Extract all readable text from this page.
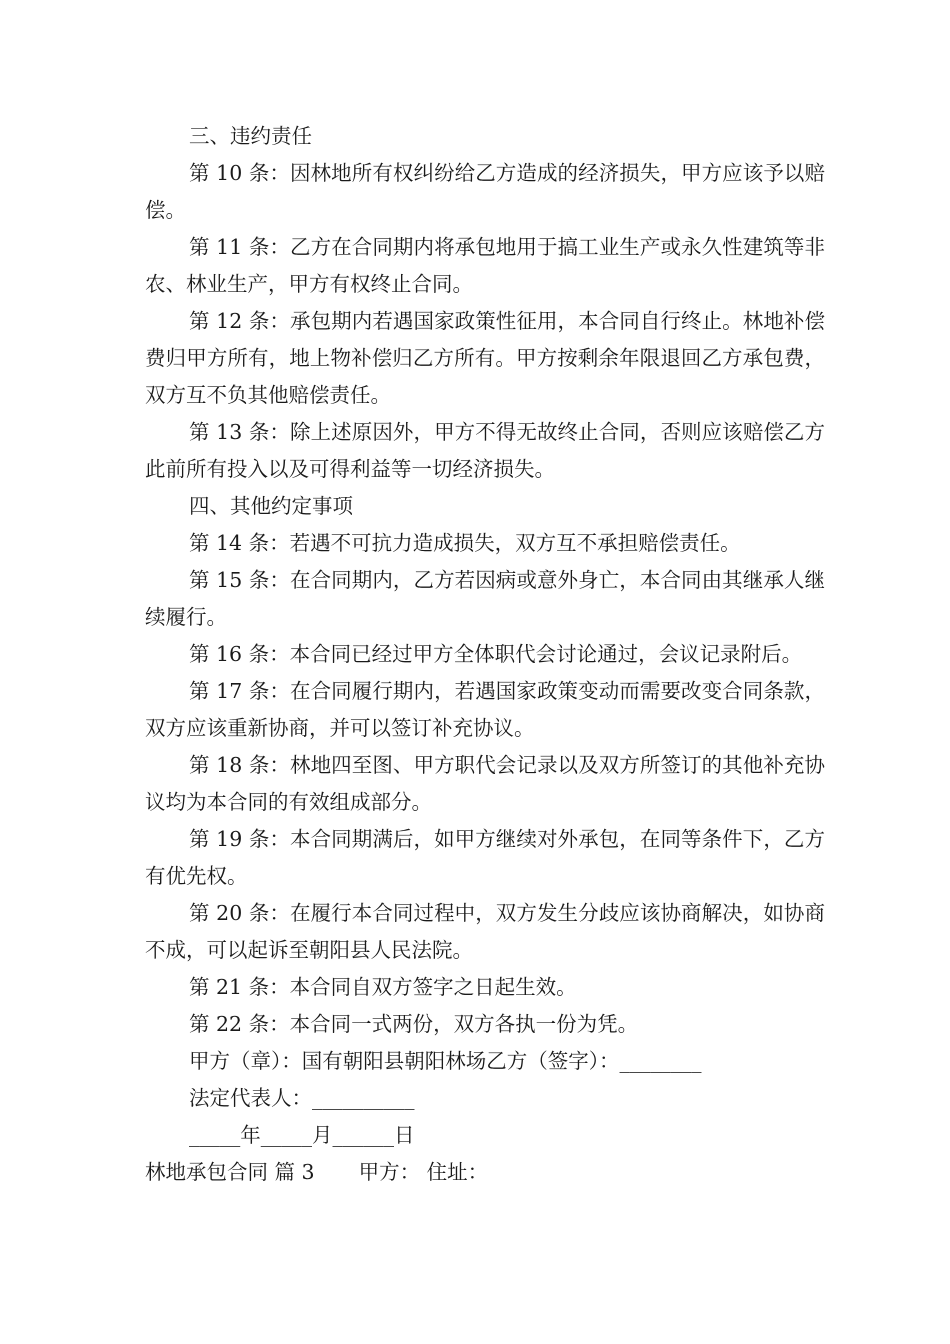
三、违约责任

第 10 条：因林地所有权纠纷给乙方造成的经济损失，甲方应该予以赔偿。

第 11 条：乙方在合同期内将承包地用于搞工业生产或永久性建筑等非农、林业生产，甲方有权终止合同。

第 12 条：承包期内若遇国家政策性征用，本合同自行终止。林地补偿费归甲方所有，地上物补偿归乙方所有。甲方按剩余年限退回乙方承包费，双方互不负其他赔偿责任。

第 13 条：除上述原因外，甲方不得无故终止合同，否则应该赔偿乙方此前所有投入以及可得利益等一切经济损失。

四、其他约定事项

第 14 条：若遇不可抗力造成损失，双方互不承担赔偿责任。

第 15 条：在合同期内，乙方若因病或意外身亡，本合同由其继承人继续履行。

第 16 条：本合同已经过甲方全体职代会讨论通过，会议记录附后。

第 17 条：在合同履行期内，若遇国家政策变动而需要改变合同条款，双方应该重新协商，并可以签订补充协议。

第 18 条：林地四至图、甲方职代会记录以及双方所签订的其他补充协议均为本合同的有效组成部分。

第 19 条：本合同期满后，如甲方继续对外承包，在同等条件下，乙方有优先权。

第 20 条：在履行本合同过程中，双方发生分歧应该协商解决，如协商不成，可以起诉至朝阳县人民法院。

第 21 条：本合同自双方签字之日起生效。

第 22 条：本合同一式两份，双方各执一份为凭。

甲方（章）：国有朝阳县朝阳林场乙方（签字）：________

法定代表人：__________

_____年_____月______日

林地承包合同 篇 3 甲方： 住址：
